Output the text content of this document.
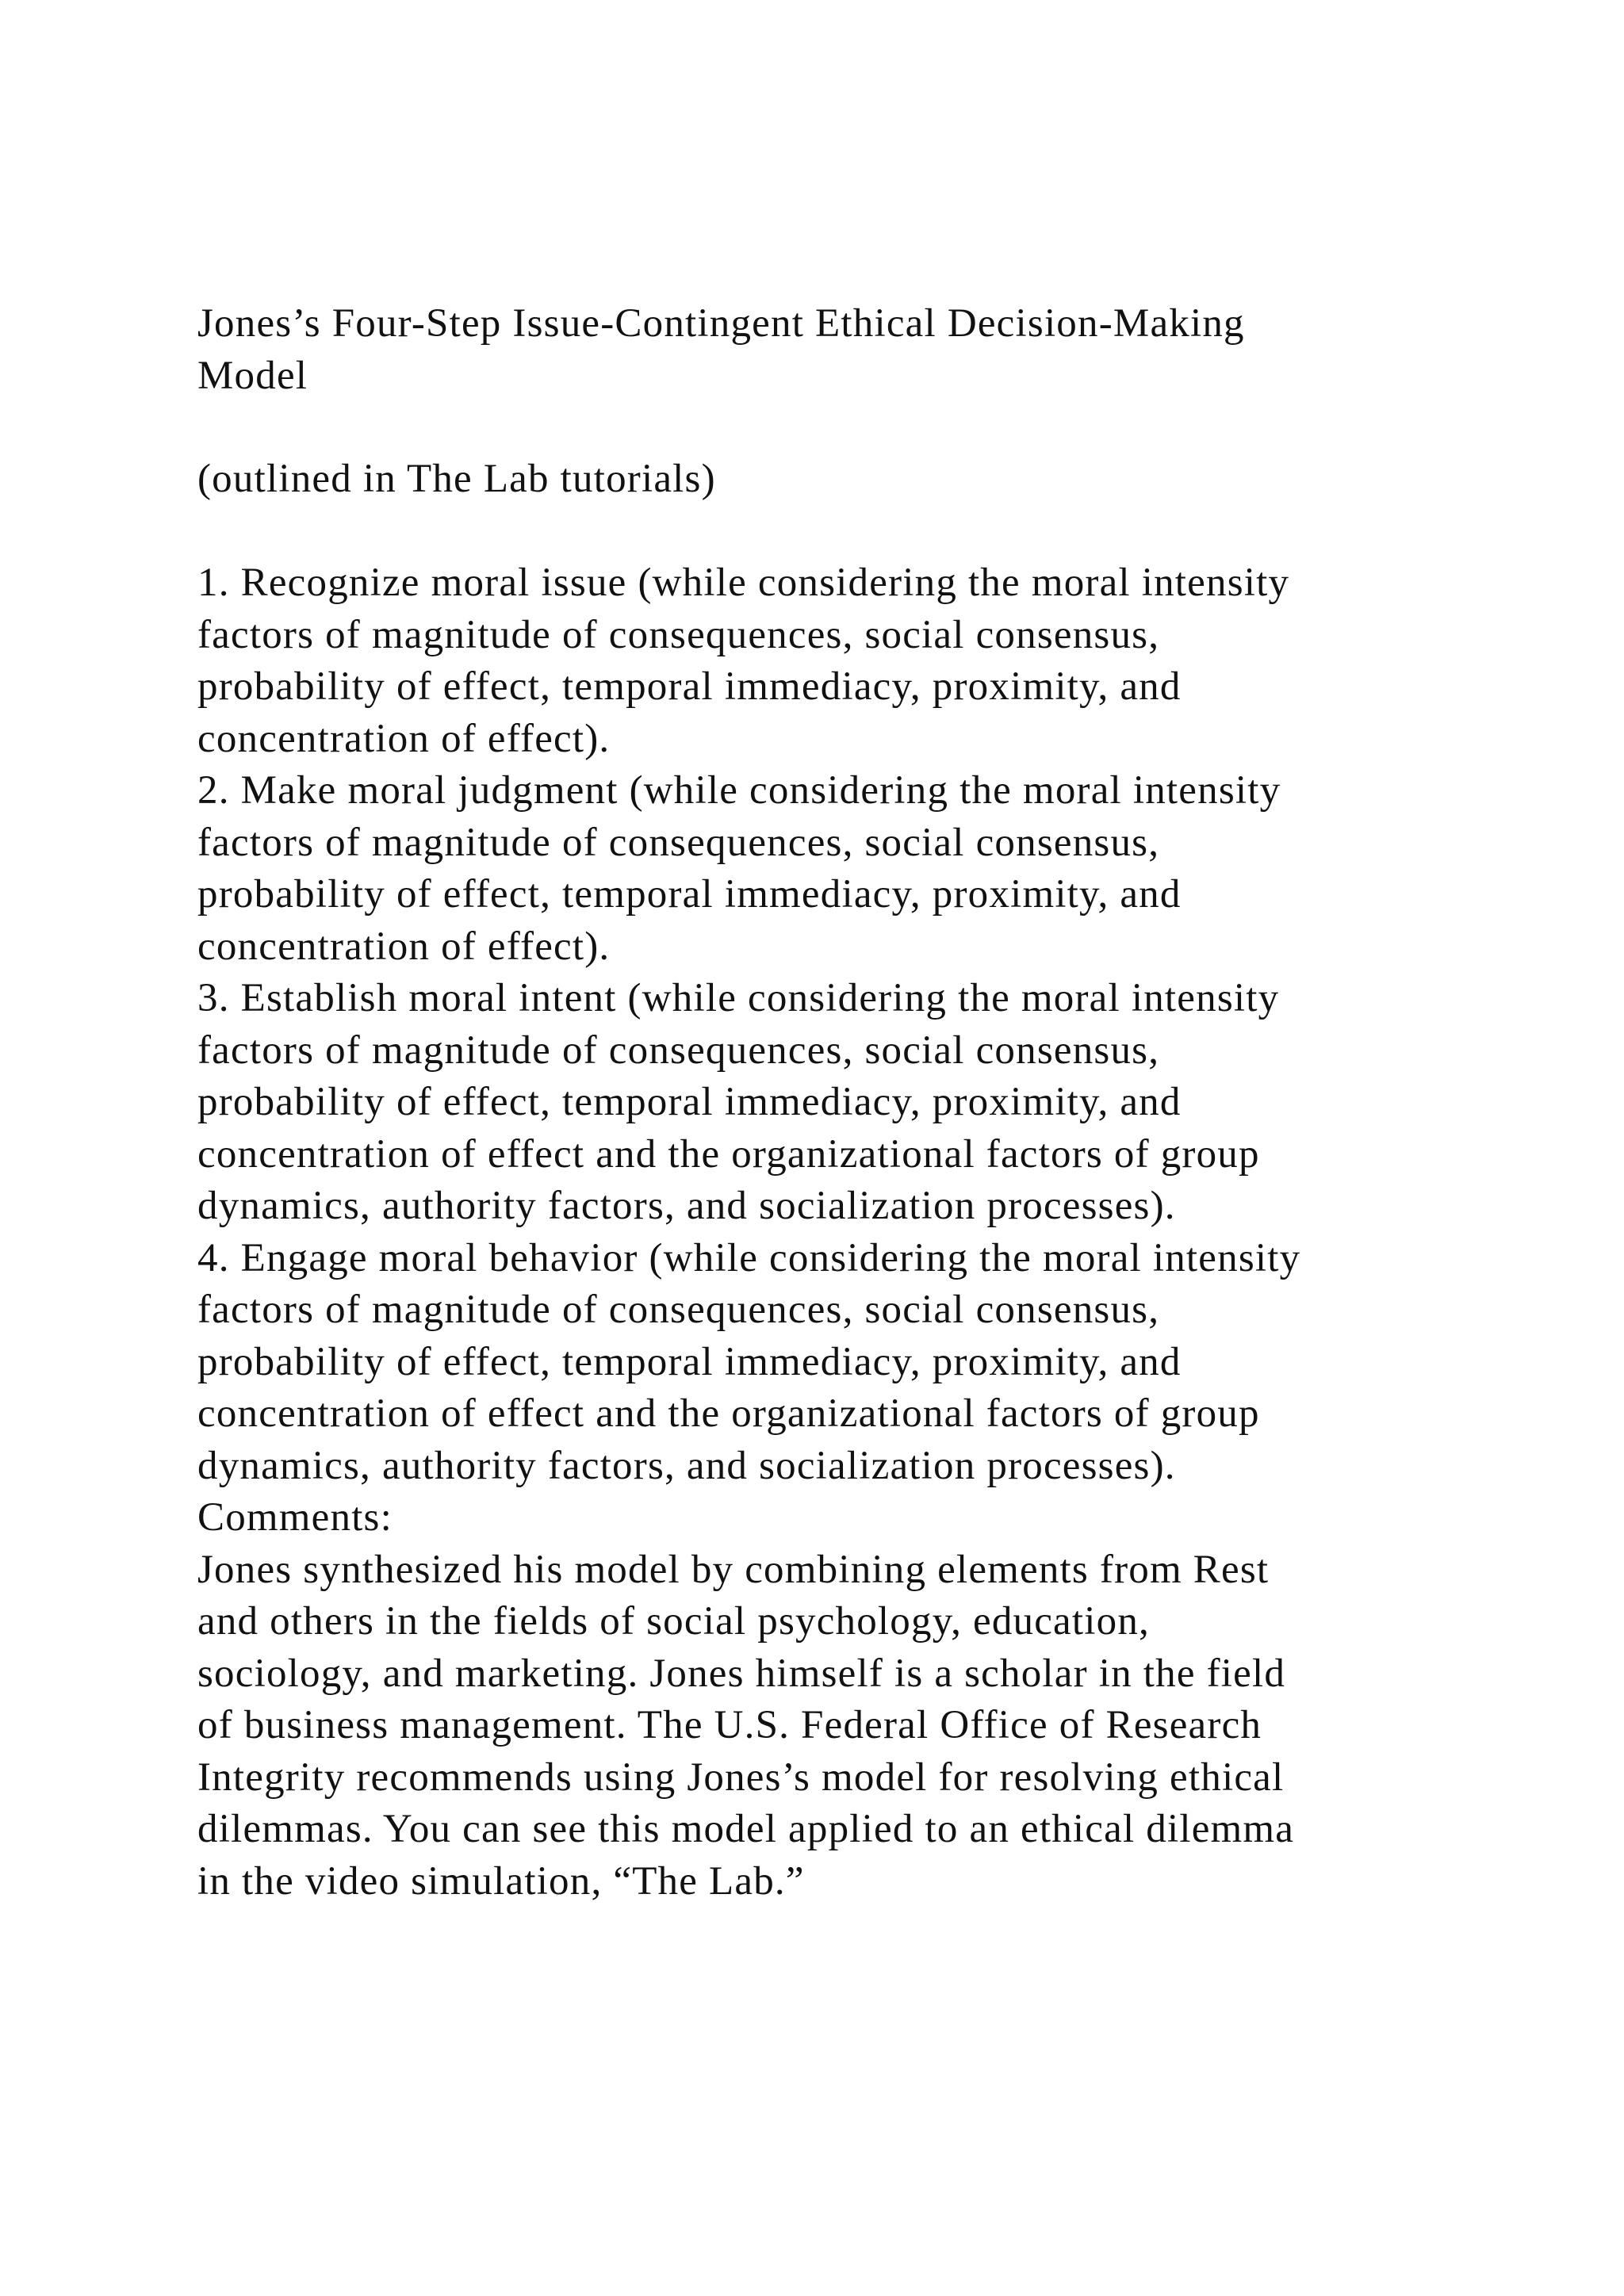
Jones’s Four-Step Issue-Contingent Ethical Decision-Making
Model
(outlined in The Lab tutorials)
1. Recognize moral issue (while considering the moral intensity
factors of magnitude of consequences, social consensus,
probability of effect, temporal immediacy, proximity, and
concentration of effect).
2. Make moral judgment (while considering the moral intensity
factors of magnitude of consequences, social consensus,
probability of effect, temporal immediacy, proximity, and
concentration of effect).
3. Establish moral intent (while considering the moral intensity
factors of magnitude of consequences, social consensus,
probability of effect, temporal immediacy, proximity, and
concentration of effect and the organizational factors of group
dynamics, authority factors, and socialization processes).
4. Engage moral behavior (while considering the moral intensity
factors of magnitude of consequences, social consensus,
probability of effect, temporal immediacy, proximity, and
concentration of effect and the organizational factors of group
dynamics, authority factors, and socialization processes).
Comments:
Jones synthesized his model by combining elements from Rest
and others in the fields of social psychology, education,
sociology, and marketing. Jones himself is a scholar in the field
of business management. The U.S. Federal Office of Research
Integrity recommends using Jones’s model for resolving ethical
dilemmas. You can see this model applied to an ethical dilemma
in the video simulation, “The Lab.”
